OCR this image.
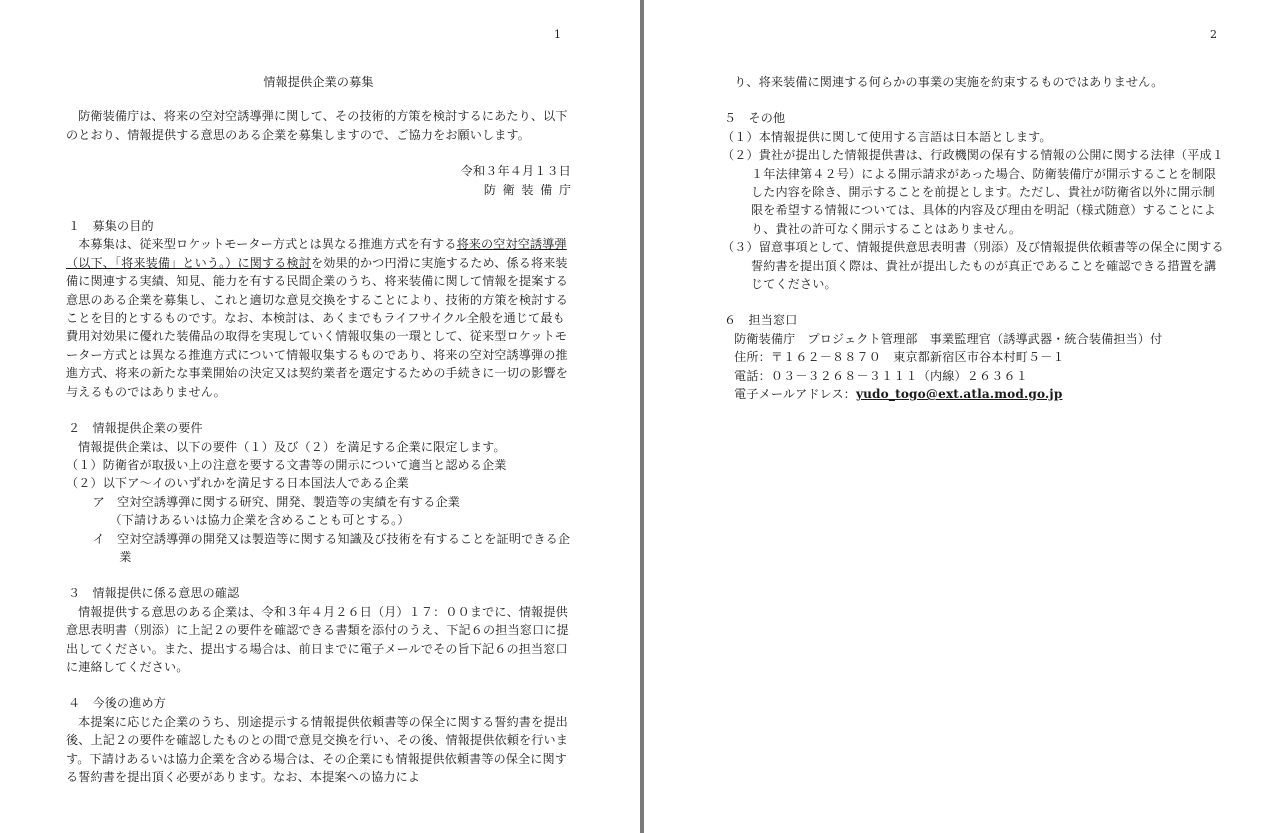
1
情報提供企業の募集
防衛装備庁は、将来の空対空誘導弾に関して、その技術的方策を検討するにあたり、以下のとおり、情報提供する意思のある企業を募集しますので、ご協力をお願いします。
令和３年４月１３日
防衛装備庁
１　募集の目的
本募集は、従来型ロケットモーター方式とは異なる推進方式を有する将来の空対空誘導弾（以下、「将来装備」という。）に関する検討を効果的かつ円滑に実施するため、係る将来装備に関連する実績、知見、能力を有する民間企業のうち、将来装備に関して情報を提案する意思のある企業を募集し、これと適切な意見交換をすることにより、技術的方策を検討することを目的とするものです。なお、本検討は、あくまでもライフサイクル全般を通じて最も費用対効果に優れた装備品の取得を実現していく情報収集の一環として、従来型ロケットモーター方式とは異なる推進方式について情報収集するものであり、将来の空対空誘導弾の推進方式、将来の新たな事業開始の決定又は契約業者を選定するための手続きに一切の影響を与えるものではありません。
２　情報提供企業の要件
情報提供企業は、以下の要件（１）及び（２）を満足する企業に限定します。
（１）防衛省が取扱い上の注意を要する文書等の開示について適当と認める企業
（２）以下ア～イのいずれかを満足する日本国法人である企業
ア　空対空誘導弾に関する研究、開発、製造等の実績を有する企業
（下請けあるいは協力企業を含めることも可とする。）
イ　空対空誘導弾の開発又は製造等に関する知識及び技術を有することを証明できる企業
３　情報提供に係る意思の確認
情報提供する意思のある企業は、令和３年４月２６日（月）１７：００までに、情報提供意思表明書（別添）に上記２の要件を確認できる書類を添付のうえ、下記６の担当窓口に提出してください。また、提出する場合は、前日までに電子メールでその旨下記６の担当窓口に連絡してください。
４　今後の進め方
本提案に応じた企業のうち、別途提示する情報提供依頼書等の保全に関する誓約書を提出後、上記２の要件を確認したものとの間で意見交換を行い、その後、情報提供依頼を行います。下請けあるいは協力企業を含める場合は、その企業にも情報提供依頼書等の保全に関する誓約書を提出頂く必要があります。なお、本提案への協力によ
2
り、将来装備に関連する何らかの事業の実施を約束するものではありません。
５　その他
（１）本情報提供に関して使用する言語は日本語とします。
（２）貴社が提出した情報提供書は、行政機関の保有する情報の公開に関する法律（平成１１年法律第４２号）による開示請求があった場合、防衛装備庁が開示することを制限した内容を除き、開示することを前提とします。ただし、貴社が防衛省以外に開示制限を希望する情報については、具体的内容及び理由を明記（様式随意）することにより、貴社の許可なく開示することはありません。
（３）留意事項として、情報提供意思表明書（別添）及び情報提供依頼書等の保全に関する誓約書を提出頂く際は、貴社が提出したものが真正であることを確認できる措置を講じてください。
６　担当窓口
防衛装備庁　プロジェクト管理部　事業監理官（誘導武器・統合装備担当）付
住所：〒１６２－８８７０　東京都新宿区市谷本村町５－１
電話：０３－３２６８－３１１１（内線）２６３６１
電子メールアドレス：yudo_togo@ext.atla.mod.go.jp
